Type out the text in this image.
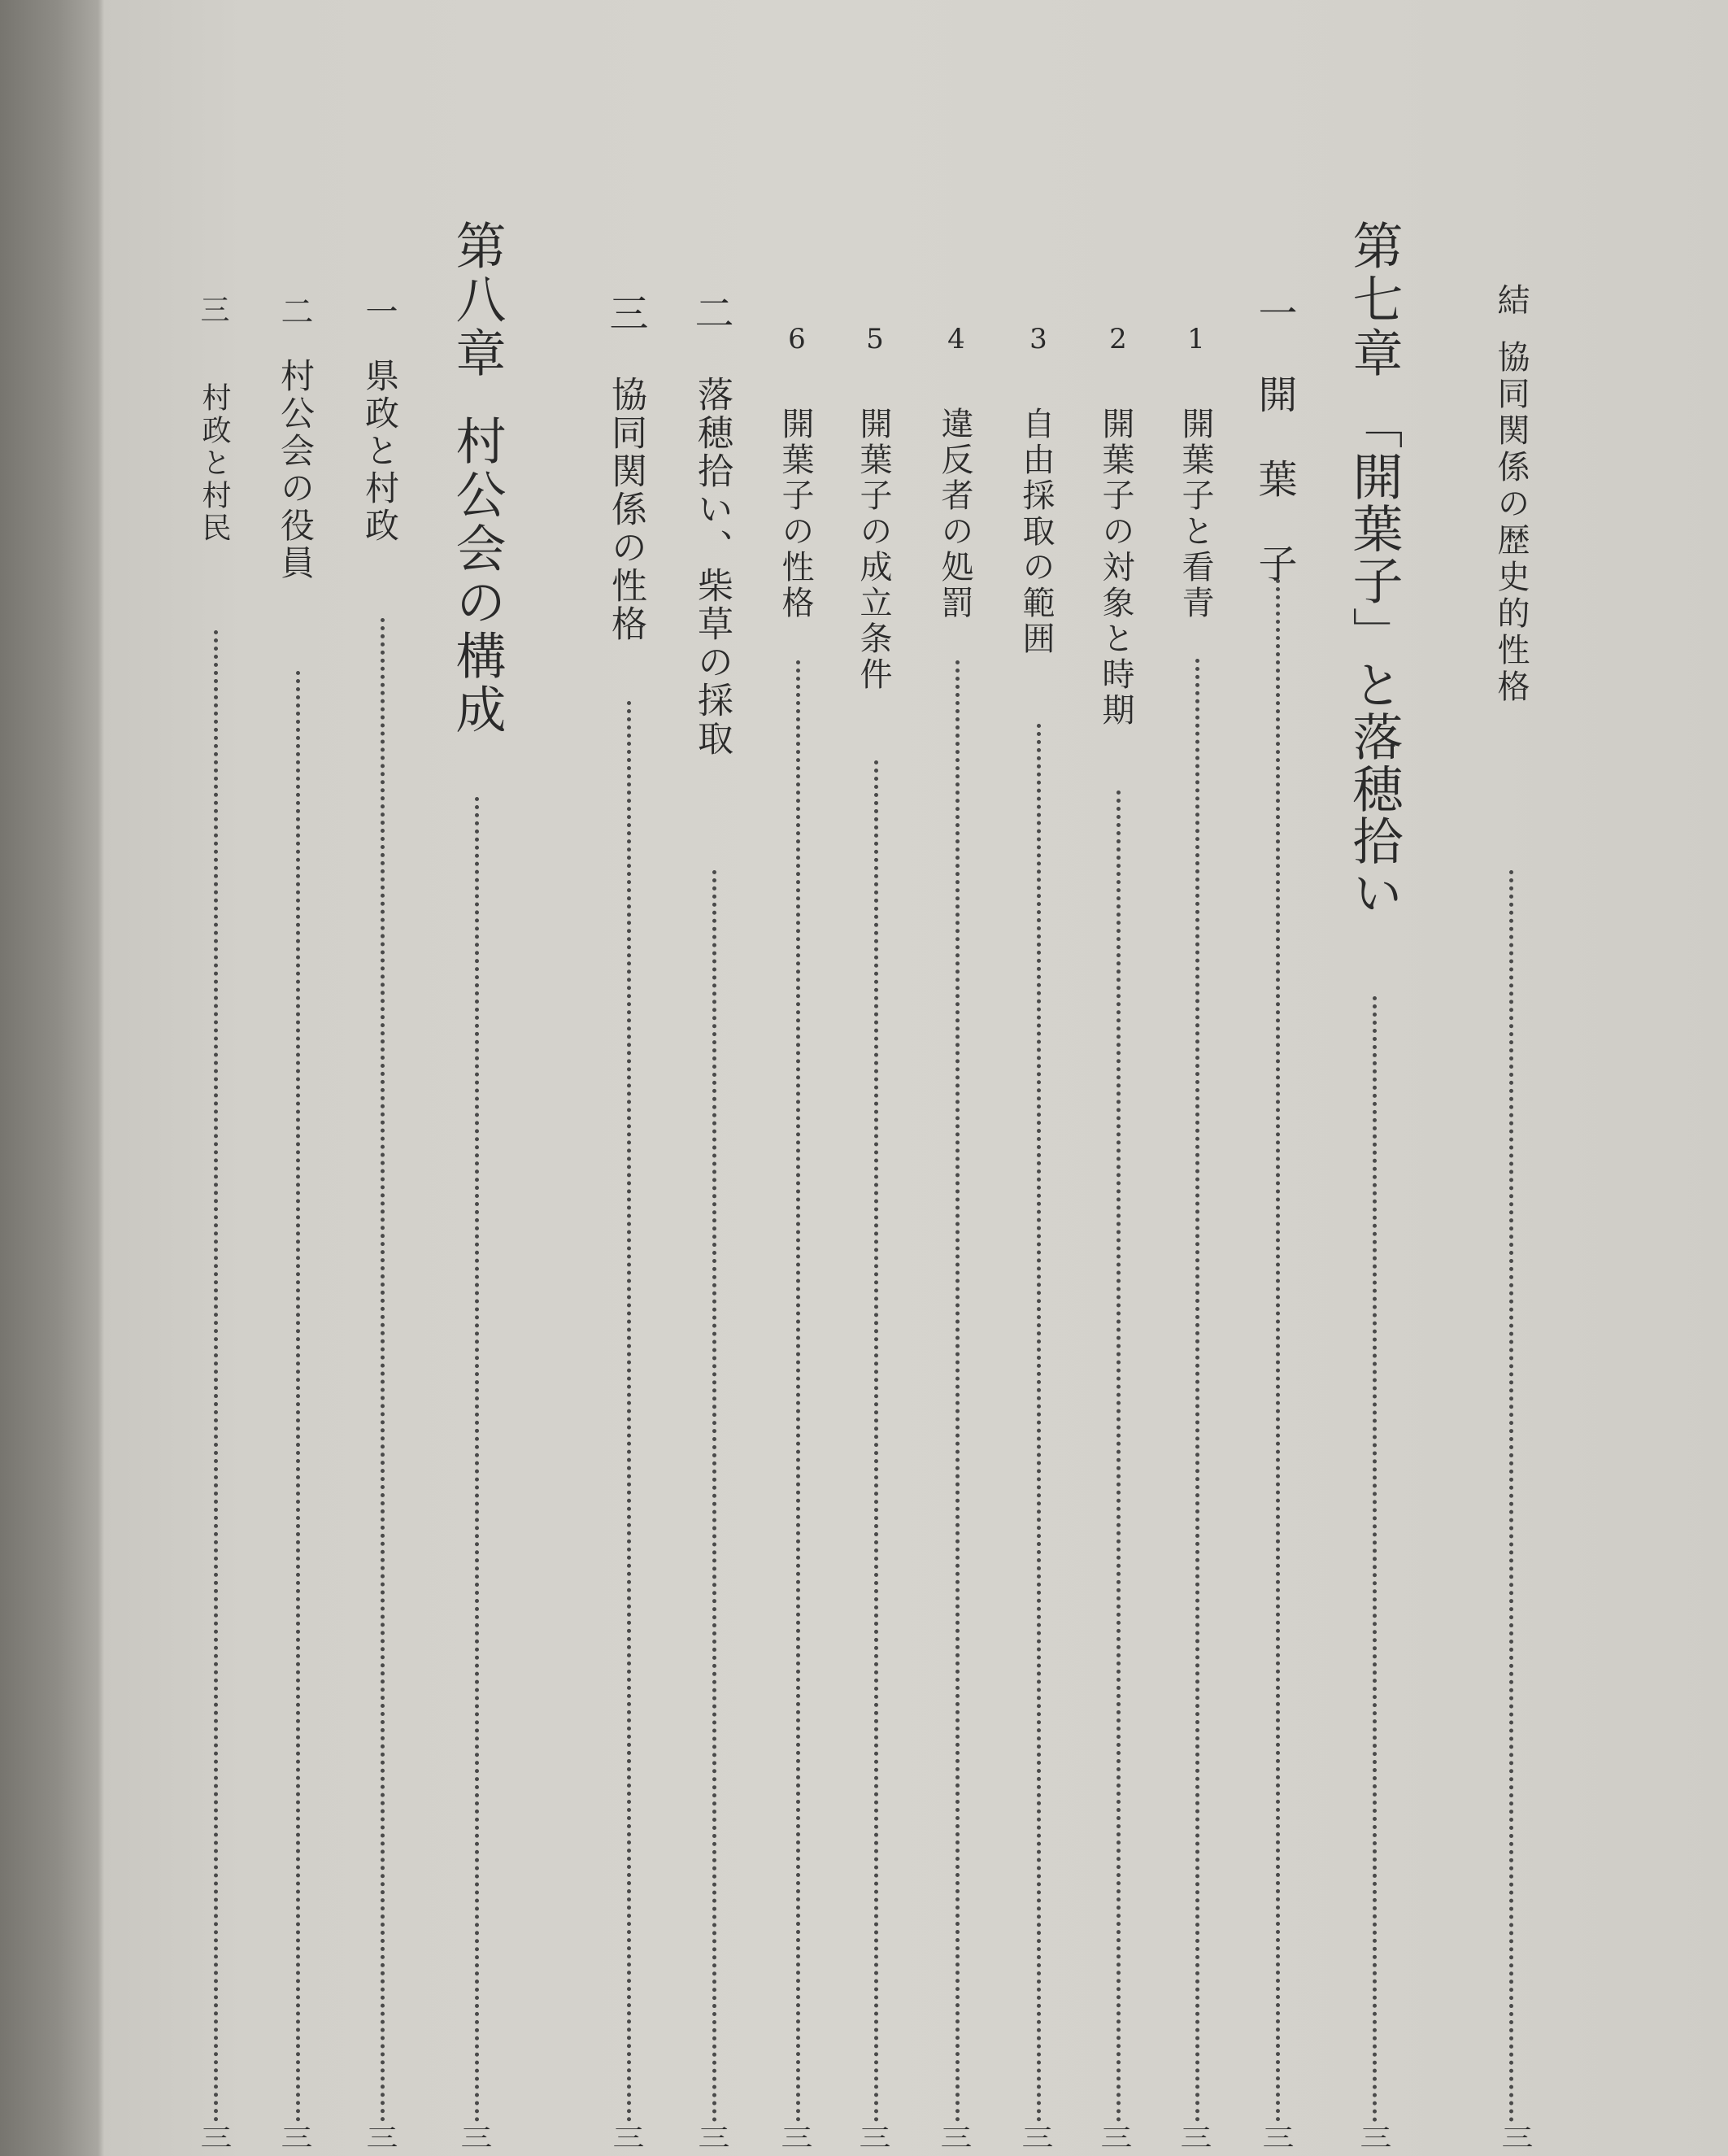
結
協同関係の歴史的性格
三
第七章
「開葉子」と落穂拾い
三
一
開　葉　子
三
1
開葉子と看青
三
2
開葉子の対象と時期
三
3
自由採取の範囲
三
4
違反者の処罰
三
5
開葉子の成立条件
三
6
開葉子の性格
三
二
落穂拾い、柴草の採取
三
三
協同関係の性格
三
第八章
村公会の構成
三
一
県政と村政
三
二
村公会の役員
三
三
村政と村民
三
